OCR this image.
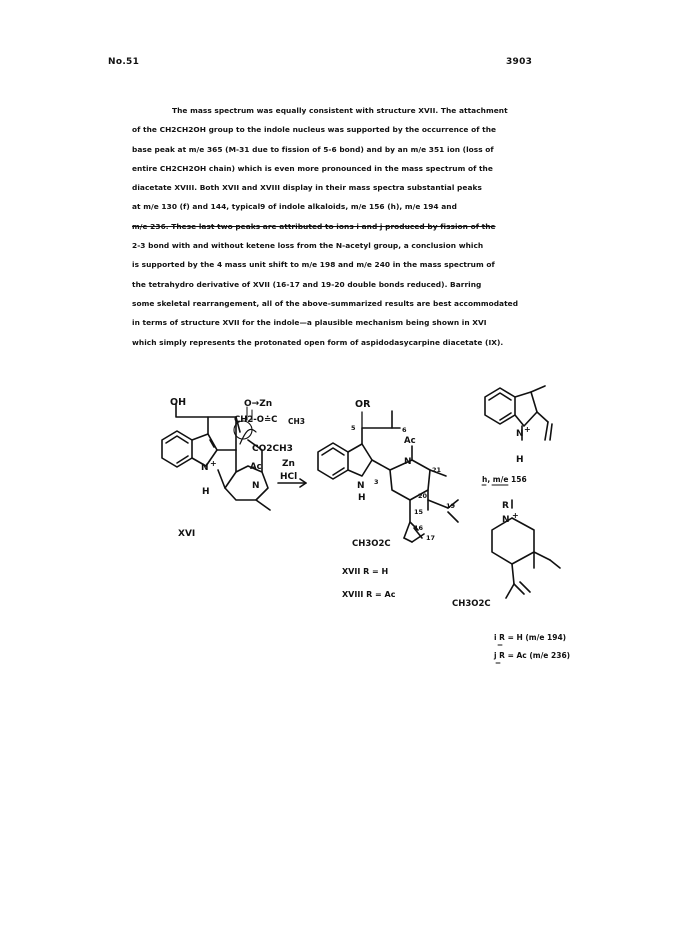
No.51	3903
The mass spectrum was equally consistent with structure XVII. The attachment
of the CH2CH2OH group to the indole nucleus was supported by the occurrence of the
base peak at m/e 365 (M-31 due to fission of 5-6 bond) and by an m/e 351 ion (loss of
entire CH2CH2OH chain) which is even more pronounced in the mass spectrum of the
diacetate XVIII. Both XVII and XVIII display in their mass spectra substantial peaks
at m/e 130 (f) and 144, typical9 of indole alkaloids, m/e 156 (h), m/e 194 and
m/e 236. These last two peaks are attributed to ions i and j produced by fission of the
2-3 bond with and without ketene loss from the N-acetyl group, a conclusion which
is supported by the 4 mass unit shift to m/e 198 and m/e 240 in the mass spectrum of
the tetrahydro derivative of XVII (16-17 and 19-20 double bonds reduced). Barring
some skeletal rearrangement, all of the above-summarized results are best accommodated
in terms of structure XVII for the indole—a plausible mechanism being shown in XVI
which simply represents the protonated open form of aspidodasycarpine diacetate (IX).
OH	O→Zn
CH2-O≐C CH3
CO2CH3
Zn
HCl
Ac
N
N +
H
XVI
OR
5	6
Ac
N
N
H
3
21
20
19
15
16
17
CH3O2C
XVII R = H
XVIII R = Ac
N +
H
h, m/e 156
R
N +
CH3O2C
i R = H (m/e 194)
j R = Ac (m/e 236)
